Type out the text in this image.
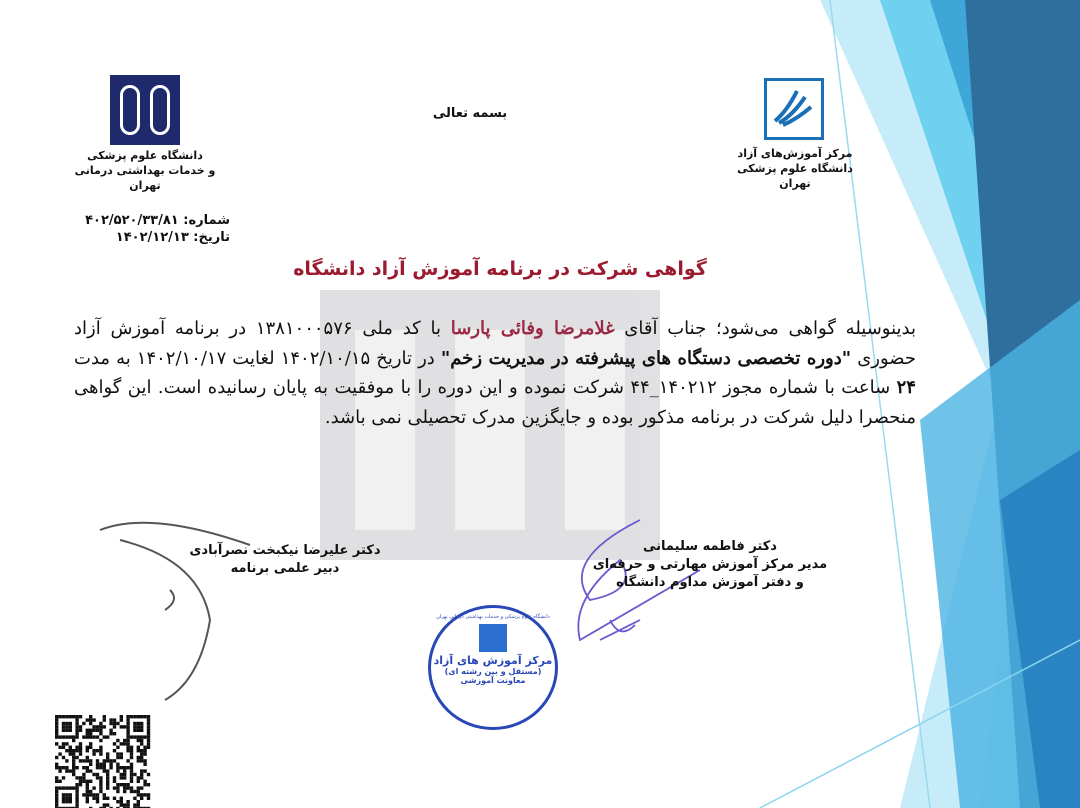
دانشگاه علوم پزشکی
و خدمات بهداشتی درمانی تهران
بسمه تعالی
مرکز آموزش‌های آزاد
دانشگاه علوم پزشکی تهران
شماره: ۴۰۲/۵۲۰/۳۳/۸۱
تاریخ: ۱۴۰۲/۱۲/۱۳
گواهی شرکت در برنامه آموزش آزاد دانشگاه
بدینوسیله گواهی می‌شود؛ جناب آقای غلامرضا وفائی پارسا با کد ملی ۱۳۸۱۰۰۰۵۷۶ در برنامه آموزش آزاد حضوری "دوره تخصصی دستگاه های پیشرفته در مدیریت زخم" در تاریخ ۱۴۰۲/۱۰/۱۵ لغایت ۱۴۰۲/۱۰/۱۷ به مدت ۲۴ ساعت با شماره مجوز ۱۴۰۲۱۲_۴۴ شرکت نموده و این دوره را با موفقیت به پایان رسانیده است. این گواهی منحصرا دلیل شرکت در برنامه مذکور بوده و جایگزین مدرک تحصیلی نمی باشد.
دکتر علیرضا نیکبخت نصرآبادی
دبیر علمی برنامه
دکتر فاطمه سلیمانی
مدیر مرکز آموزش مهارتی و حرفه‌ای
و دفتر آموزش مداوم دانشگاه
دانشگاه علوم پزشکی و خدمات بهداشتی درمانی تهران
مرکز آموزش های آزاد
(مستقل و بین رشته ای)
معاونت آموزشی
